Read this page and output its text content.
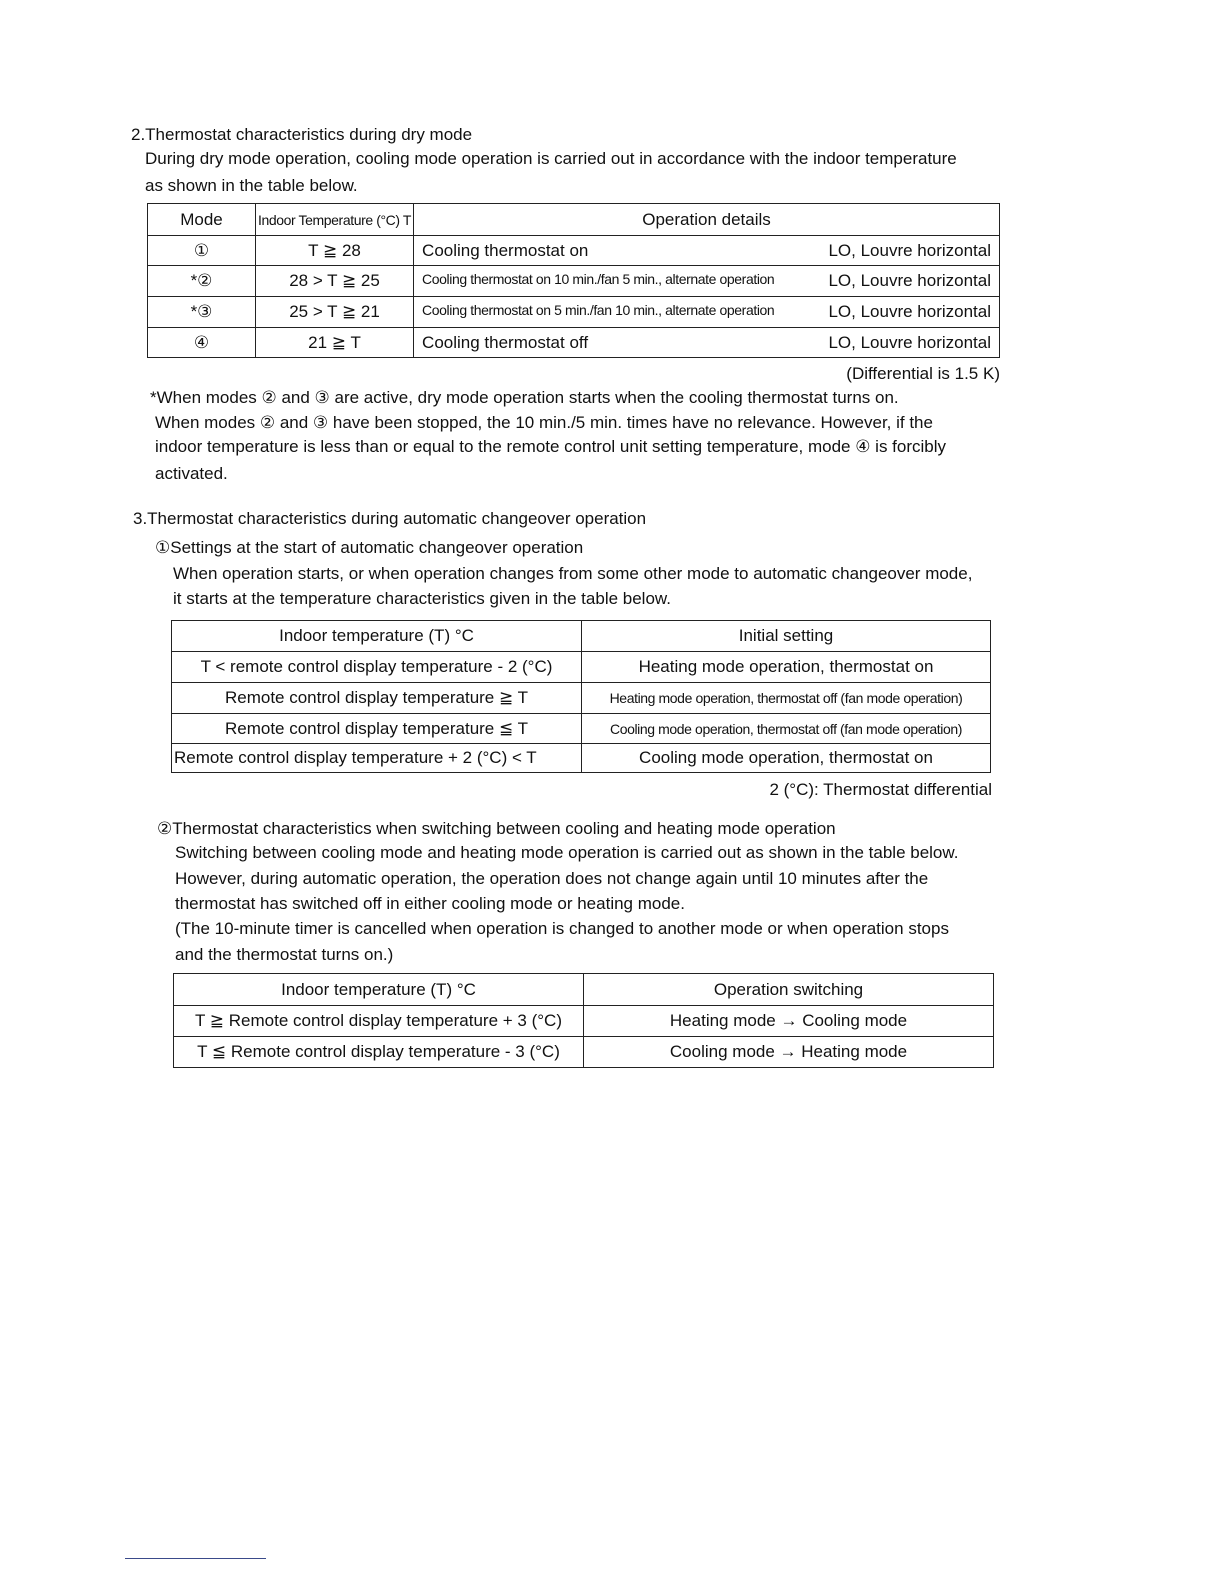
2.Thermostat characteristics during dry mode
During dry mode operation, cooling mode operation is carried out in accordance with the indoor temperature
as shown in the table below.
Mode	Indoor Temperature (°C) T	Operation details
①	T ≧ 28	Cooling thermostat on LO, Louvre horizontal

*②	28 > T ≧ 25	Cooling thermostat on 10 min./fan 5 min., alternate operation LO, Louvre horizontal

*③	25 > T ≧ 21	Cooling thermostat on 5 min./fan 10 min., alternate operation LO, Louvre horizontal

④	21 ≧ T	Cooling thermostat off LO, Louvre horizontal
(Differential is 1.5 K)
*When modes ② and ③ are active, dry mode operation starts when the cooling thermostat turns on.
When modes ② and ③ have been stopped, the 10 min./5 min. times have no relevance. However, if the
indoor temperature is less than or equal to the remote control unit setting temperature, mode ④ is forcibly
activated.
3.Thermostat characteristics during automatic changeover operation
①Settings at the start of automatic changeover operation
When operation starts, or when operation changes from some other mode to automatic changeover mode,
it starts at the temperature characteristics given in the table below.
Indoor temperature (T) °C	Initial setting
T < remote control display temperature - 2 (°C)	Heating mode operation, thermostat on
Remote control display temperature ≧ T	Heating mode operation, thermostat off (fan mode operation)
Remote control display temperature ≦ T	Cooling mode operation, thermostat off (fan mode operation)
Remote control display temperature + 2 (°C) < T	Cooling mode operation, thermostat on
2 (°C): Thermostat differential
②Thermostat characteristics when switching between cooling and heating mode operation
Switching between cooling mode and heating mode operation is carried out as shown in the table below.
However, during automatic operation, the operation does not change again until 10 minutes after the
thermostat has switched off in either cooling mode or heating mode.
(The 10-minute timer is cancelled when operation is changed to another mode or when operation stops
and the thermostat turns on.)
Indoor temperature (T) °C	Operation switching
T ≧ Remote control display temperature + 3 (°C)	Heating mode → Cooling mode
T ≦ Remote control display temperature - 3 (°C)	Cooling mode → Heating mode
